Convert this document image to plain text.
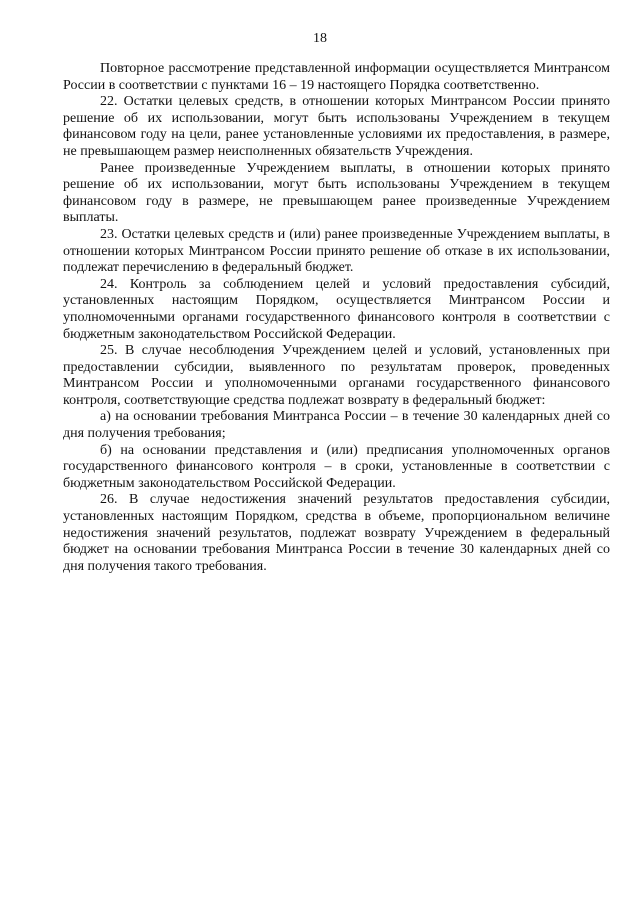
18

Повторное рассмотрение представленной информации осуществляется Минтрансом России в соответствии с пунктами 16 – 19 настоящего Порядка соответственно.

22. Остатки целевых средств, в отношении которых Минтрансом России принято решение об их использовании, могут быть использованы Учреждением в текущем финансовом году на цели, ранее установленные условиями их предоставления, в размере, не превышающем размер неисполненных обязательств Учреждения.

Ранее произведенные Учреждением выплаты, в отношении которых принято решение об их использовании, могут быть использованы Учреждением в текущем финансовом году в размере, не превышающем ранее произведенные Учреждением выплаты.

23. Остатки целевых средств и (или) ранее произведенные Учреждением выплаты, в отношении которых Минтрансом России принято решение об отказе в их использовании, подлежат перечислению в федеральный бюджет.

24. Контроль за соблюдением целей и условий предоставления субсидий, установленных настоящим Порядком, осуществляется Минтрансом России и уполномоченными органами государственного финансового контроля в соответствии с бюджетным законодательством Российской Федерации.

25. В случае несоблюдения Учреждением целей и условий, установленных при предоставлении субсидии, выявленного по результатам проверок, проведенных Минтрансом России и уполномоченными органами государственного финансового контроля, соответствующие средства подлежат возврату в федеральный бюджет:

а) на основании требования Минтранса России – в течение 30 календарных дней со дня получения требования;

б) на основании представления и (или) предписания уполномоченных органов государственного финансового контроля – в сроки, установленные в соответствии с бюджетным законодательством Российской Федерации.

26. В случае недостижения значений результатов предоставления субсидии, установленных настоящим Порядком, средства в объеме, пропорциональном величине недостижения значений результатов, подлежат возврату Учреждением в федеральный бюджет на основании требования Минтранса России в течение 30 календарных дней со дня получения такого требования.
